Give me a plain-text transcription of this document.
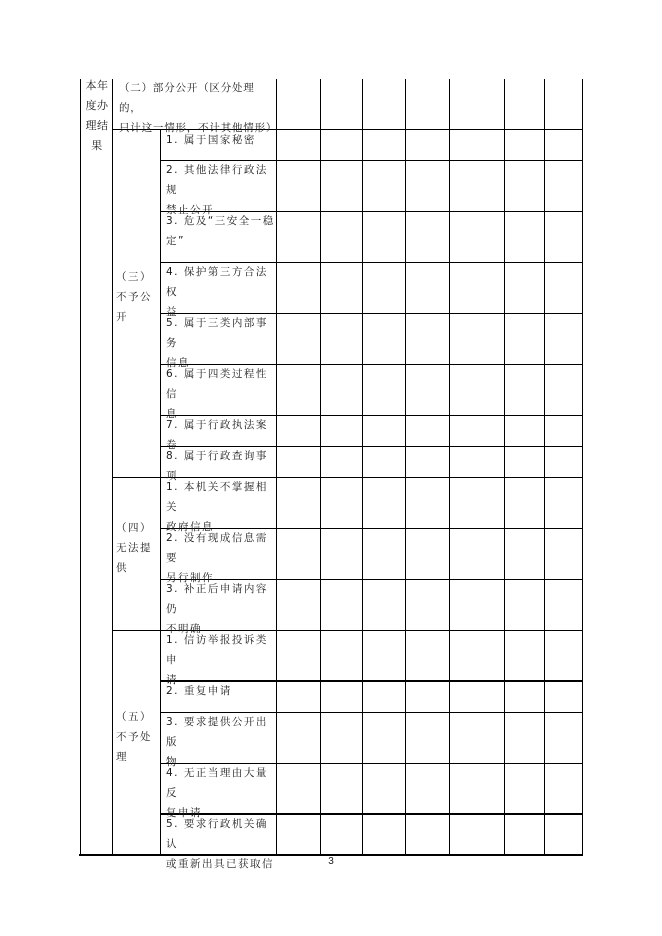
本年
度办
理结
果
（二）部分公开（区分处理的，
只计这一情形，不计其他情形）
（三）
不予公
开
（四）
无法提
供
（五）
不予处
理
1. 属于国家秘密
2. 其他法律行政法规
禁止公开
3. 危及“三安全一稳
定”
4. 保护第三方合法权
益
5. 属于三类内部事务
信息
6. 属于四类过程性信
息
7. 属于行政执法案卷
8. 属于行政查询事项
1. 本机关不掌握相关
政府信息
2. 没有现成信息需要
另行制作
3. 补正后申请内容仍
不明确
1. 信访举报投诉类申
请
2. 重复申请
3. 要求提供公开出版
物
4. 无正当理由大量反
复申请
5. 要求行政机关确认
或重新出具已获取信	3
